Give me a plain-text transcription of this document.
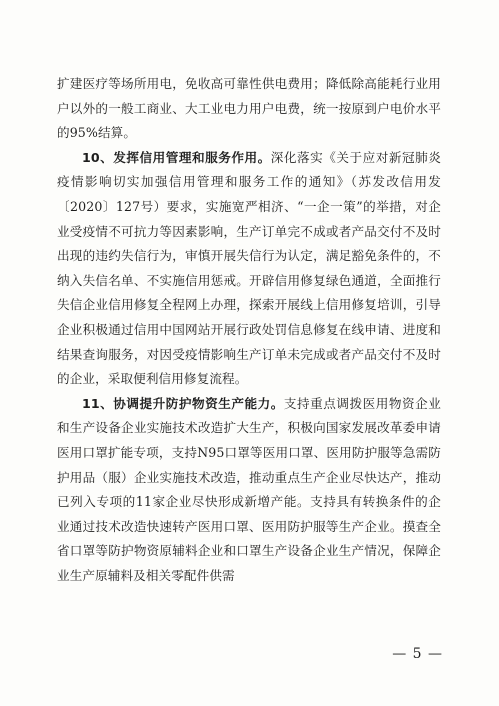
扩建医疗等场所用电，免收高可靠性供电费用；降低除高能耗行业用户以外的一般工商业、大工业电力用户电费，统一按原到户电价水平的95%结算。

10、发挥信用管理和服务作用。深化落实《关于应对新冠肺炎疫情影响切实加强信用管理和服务工作的通知》（苏发改信用发〔2020〕127号）要求，实施宽严相济、“一企一策”的举措，对企业受疫情不可抗力等因素影响，生产订单完不成或者产品交付不及时出现的违约失信行为，审慎开展失信行为认定，满足豁免条件的，不纳入失信名单、不实施信用惩戒。开辟信用修复绿色通道，全面推行失信企业信用修复全程网上办理，探索开展线上信用修复培训，引导企业积极通过信用中国网站开展行政处罚信息修复在线申请、进度和结果查询服务，对因受疫情影响生产订单未完成或者产品交付不及时的企业，采取便利信用修复流程。

11、协调提升防护物资生产能力。支持重点调拨医用物资企业和生产设备企业实施技术改造扩大生产，积极向国家发展改革委申请医用口罩扩能专项，支持N95口罩等医用口罩、医用防护服等急需防护用品（服）企业实施技术改造，推动重点生产企业尽快达产，推动已列入专项的11家企业尽快形成新增产能。支持具有转换条件的企业通过技术改造快速转产医用口罩、医用防护服等生产企业。摸查全省口罩等防护物资原辅料企业和口罩生产设备企业生产情况，保障企业生产原辅料及相关零配件供需

— 5 —
